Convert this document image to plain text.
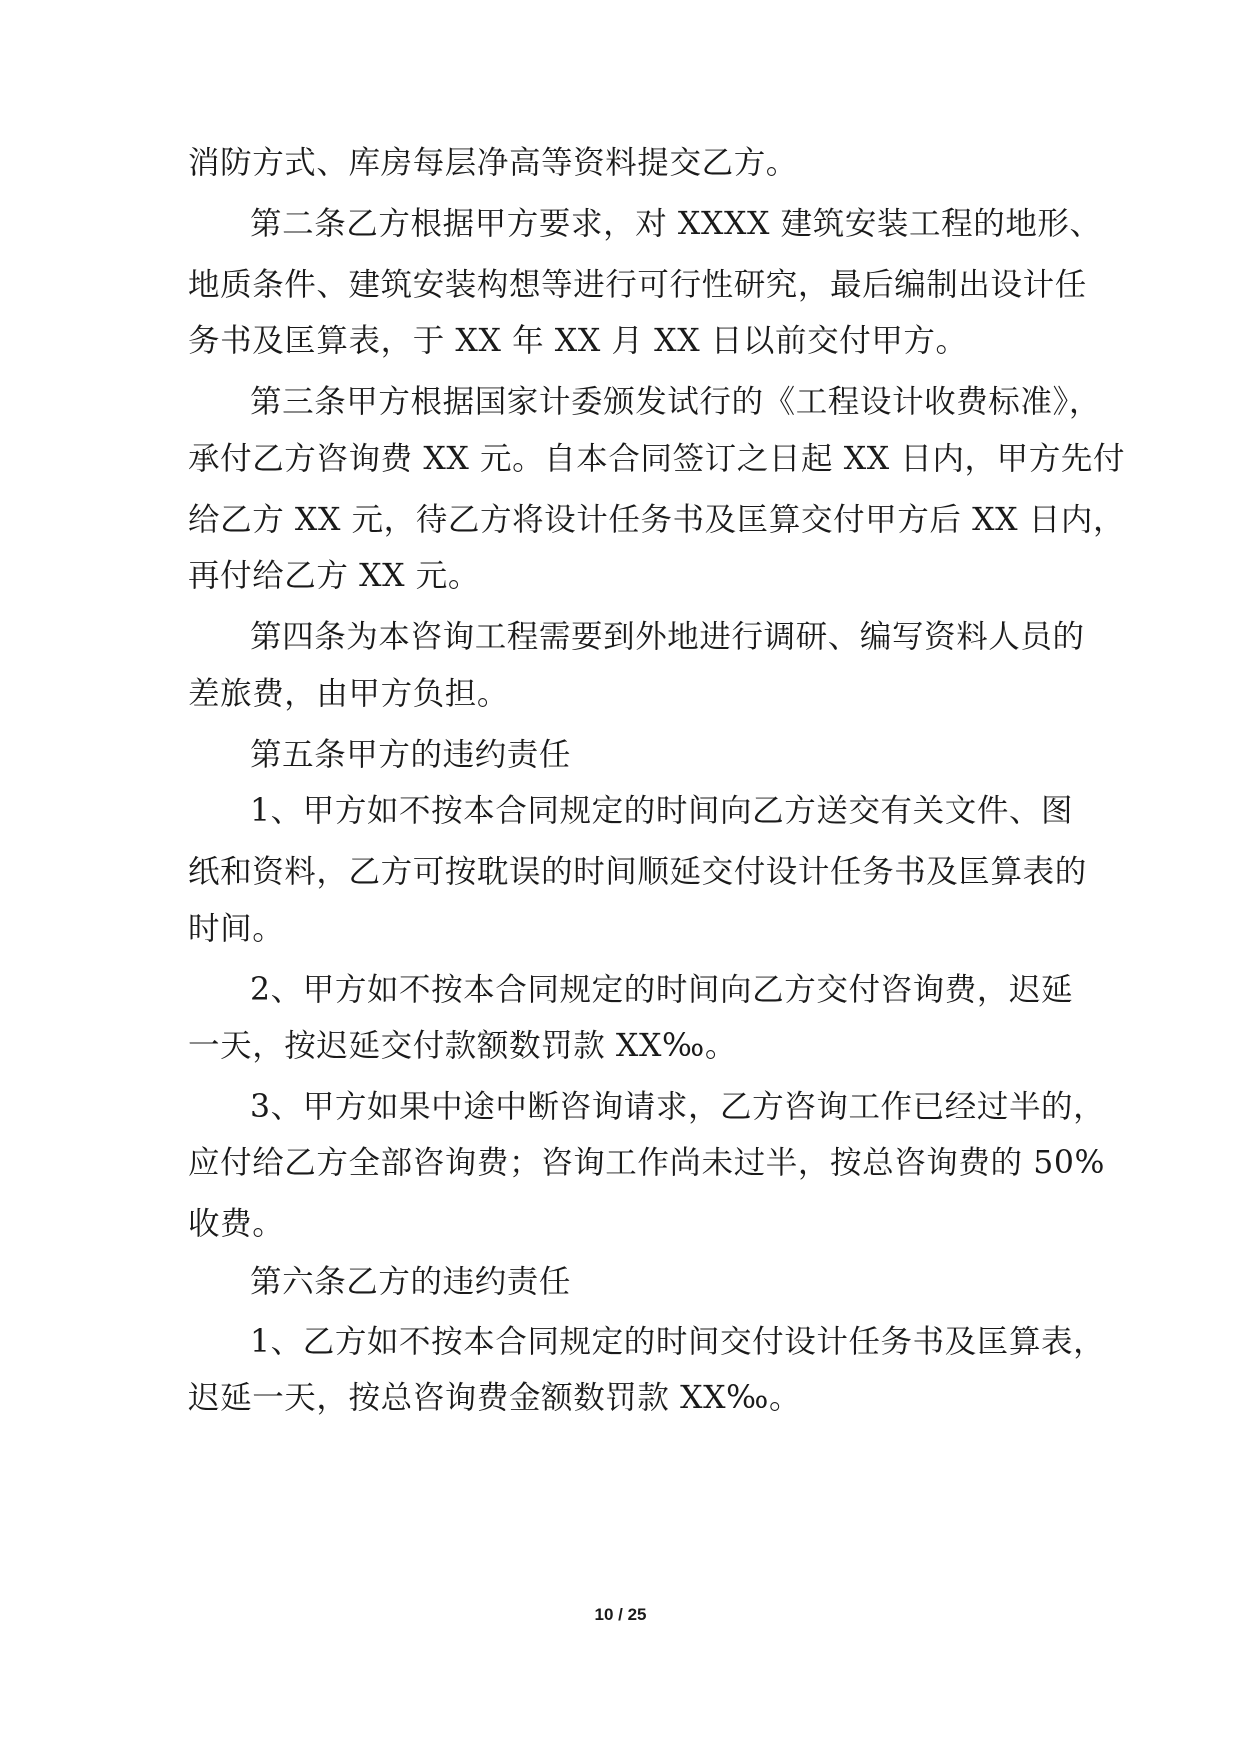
消防方式、库房每层净高等资料提交乙方。
第二条乙方根据甲方要求，对 XXXX 建筑安装工程的地形、
地质条件、建筑安装构想等进行可行性研究，最后编制出设计任
务书及匡算表，于 XX 年 XX 月 XX 日以前交付甲方。
第三条甲方根据国家计委颁发试行的《工程设计收费标准》，
承付乙方咨询费 XX 元。自本合同签订之日起 XX 日内，甲方先付
给乙方 XX 元，待乙方将设计任务书及匡算交付甲方后 XX 日内，
再付给乙方 XX 元。
第四条为本咨询工程需要到外地进行调研、编写资料人员的
差旅费，由甲方负担。
第五条甲方的违约责任
1、甲方如不按本合同规定的时间向乙方送交有关文件、图
纸和资料，乙方可按耽误的时间顺延交付设计任务书及匡算表的
时间。
2、甲方如不按本合同规定的时间向乙方交付咨询费，迟延
一天，按迟延交付款额数罚款 XX‰。
3、甲方如果中途中断咨询请求，乙方咨询工作已经过半的，
应付给乙方全部咨询费；咨询工作尚未过半，按总咨询费的 50%
收费。
第六条乙方的违约责任
1、乙方如不按本合同规定的时间交付设计任务书及匡算表，
迟延一天，按总咨询费金额数罚款 XX‰。
10 / 25
